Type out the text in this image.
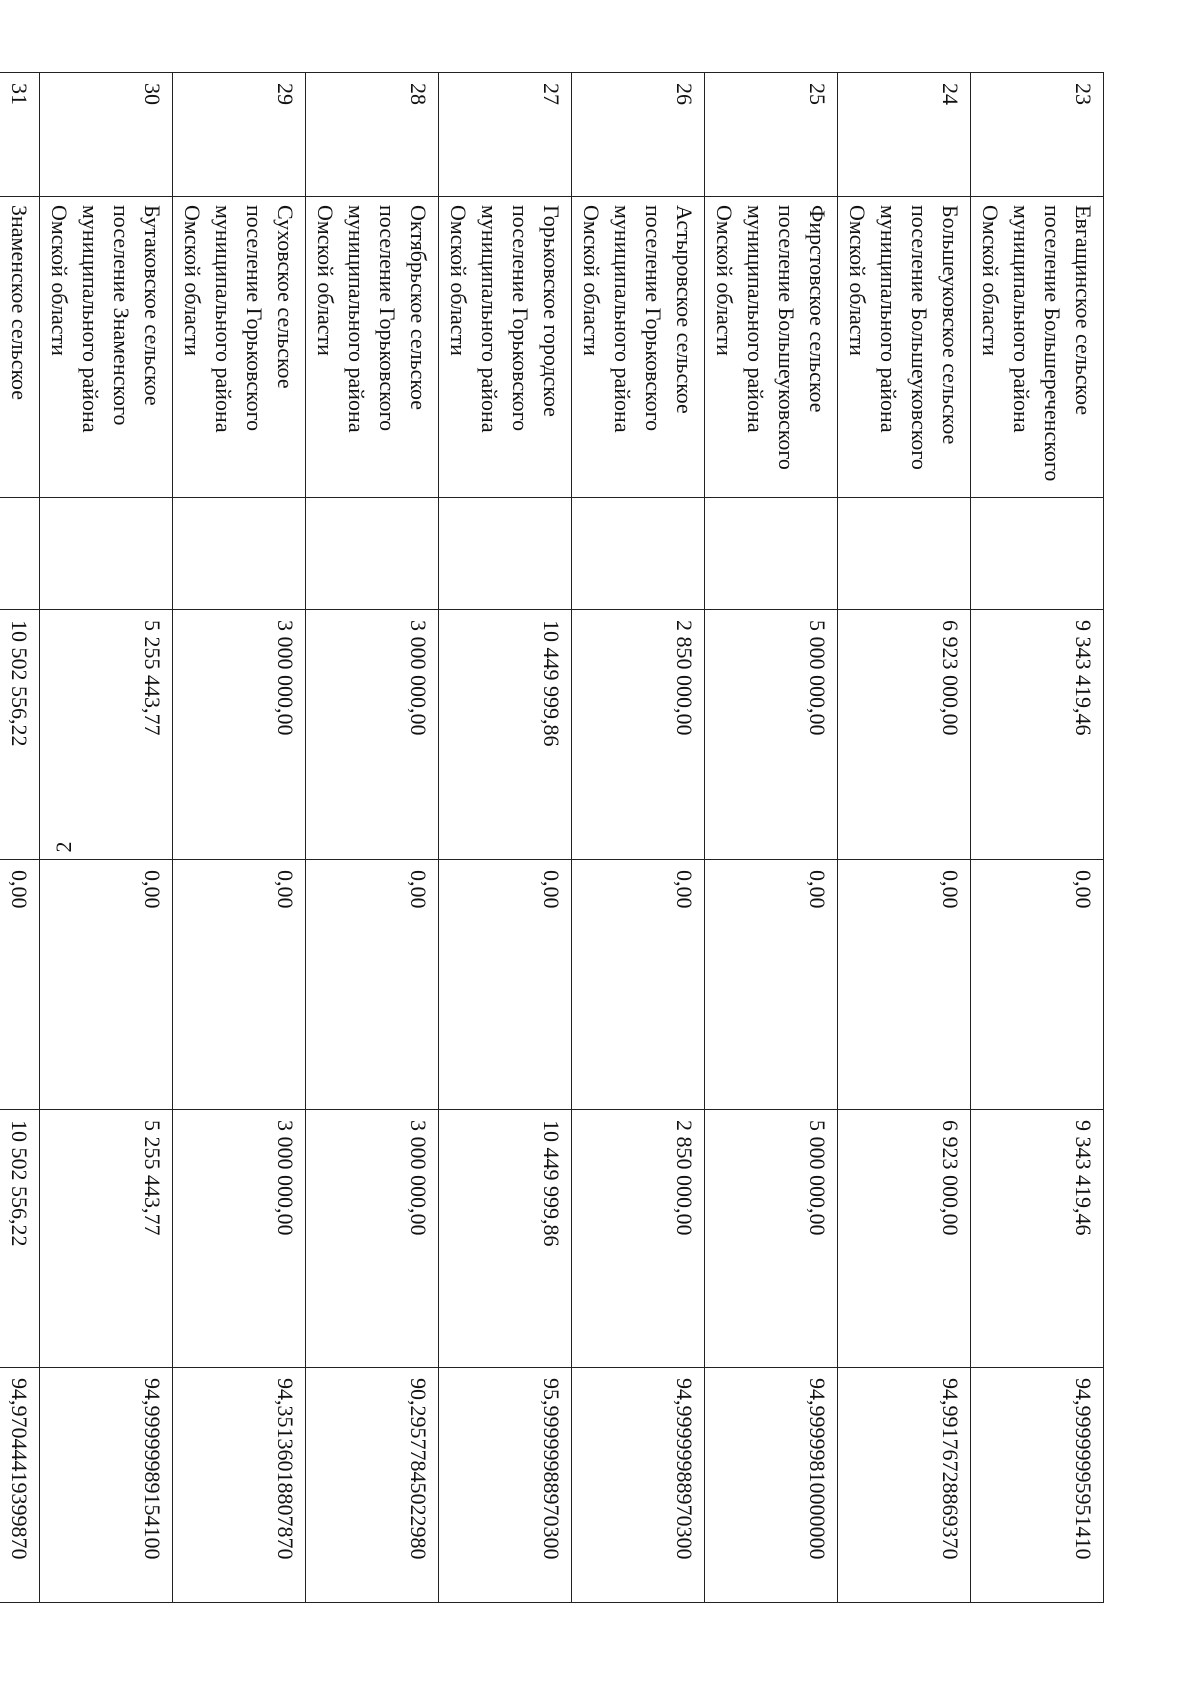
2
23	Евгащинское сельское поселение Большереченского муниципального района Омской области		9 343 419,46	0,00	9 343 419,46	94,99999995951410
24	Большеуковское сельское поселение Большеуковского муниципального района Омской области		6 923 000,00	0,00	6 923 000,00	94,99176728869370
25	Фирстовское сельское поселение Большеуковского муниципального района Омской области		5 000 000,00	0,00	5 000 000,00	94,99999810000000
26	Астыровское сельское поселение Горьковского муниципального района Омской области		2 850 000,00	0,00	2 850 000,00	94,99999988970300
27	Горьковское городское поселение Горьковского муниципального района Омской области		10 449 999,86	0,00	10 449 999,86	95,99999988970300
28	Октябрьское сельское поселение Горьковского муниципального района Омской области		3 000 000,00	0,00	3 000 000,00	90,29577845022980
29	Суховское сельское поселение Горьковского муниципального района Омской области		3 000 000,00	0,00	3 000 000,00	94,35136018807870
30	Бутаковское сельское поселение Знаменского муниципального района Омской области		5 255 443,77	0,00	5 255 443,77	94,99999989154100
31	Знаменское сельское		10 502 556,22	0,00	10 502 556,22	94,97044419399870
